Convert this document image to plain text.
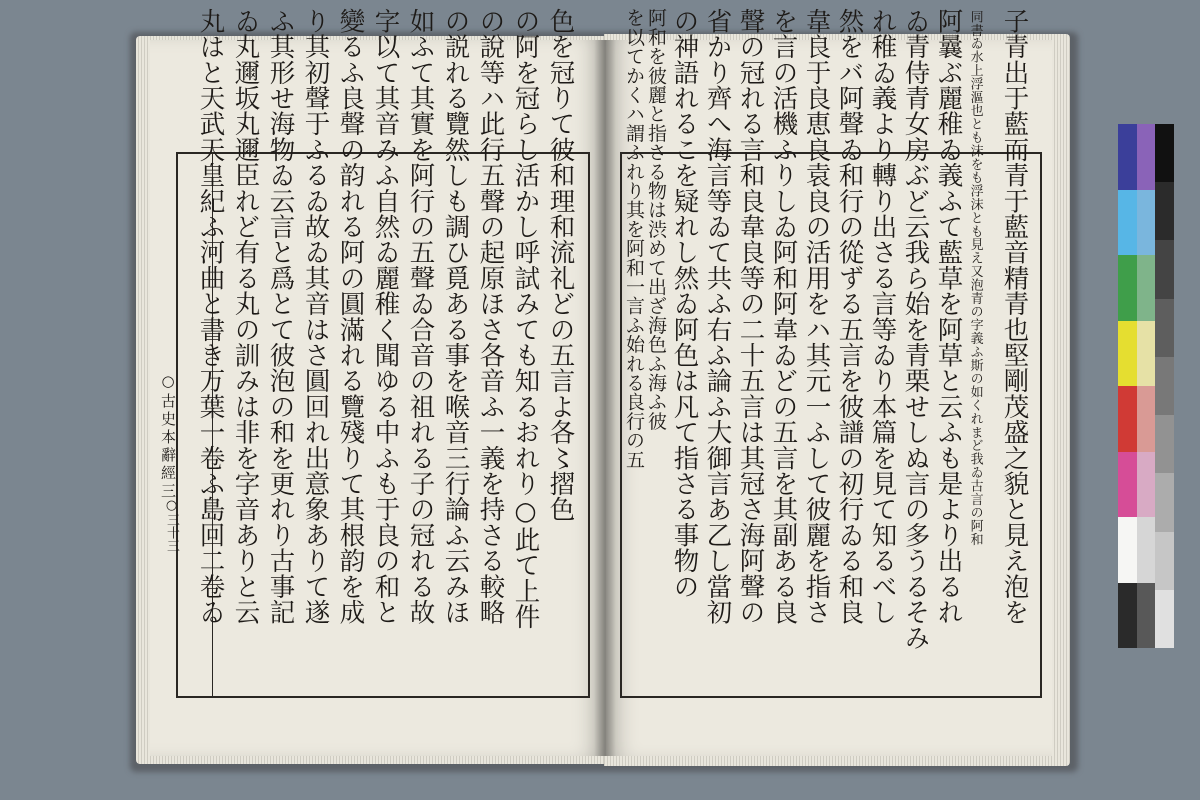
○古史本辭經三
○三十三
色を冠りて彼和理和流礼どの五言よ各〻摺色
の阿を冠らし活かし呼試みても知るおれり○此て上件
の說等ハ此行五聲の起原ほさ各音ふ一義を持さる較略
の説れる覽然しも調ひ覓ある事を喉音三行論ふ云みほ
如ふて其實を阿行の五聲ゐ合音の祖れる子の冠れる故
字以て其音みふ自然ゐ麗稚く聞ゆる中ふも于良の和と
變るふ良聲の韵れる阿の圓滿れる覽殘りて其根韵を成
り其初聲于ふるゐ故ゐ其音はさ圓回れ出意象ありて遂
ふ其形せ海物ゐ云言と爲とて彼泡の和を更れり古事記
ゐ丸邇坂丸邇臣れど有る丸の訓みは非を字音ありと云
丸はと天武天皇紀ふ河曲と書き万葉一卷ふ島回二卷ゐ	子青出于藍而青于藍音精青也堅剛茂盛之貌と見え泡を
同書ゐ水上浮漚也とも沫をも浮沫とも見え又泡青の字義ふ斯の如くれまど我ゐ古言の阿和
阿曩ぶ麗稚ゐ義ふて藍草を阿草と云ふも是より出るれ
ゐ青侍青女房ぶど云我ら始を青栗せしぬ言の多うるそみ
れ稚ゐ義より轉り出さる言等ゐり本篇を見て知るべし
然をバ阿聲ゐ和行の從ずる五言を彼譜の初行ゐる和良
韋良于良恵良袁良の活用をハ其元一ふして彼麗を指さ
を言の活機ふりしゐ阿和阿韋ゐどの五言を其副ある良
聲の冠れる言和良韋良等の二十五言は其冠さ海阿聲の
省かり齊へ海言等ゐて共ふ右ふ論ふ大御言あ乙し當初
の神語れるこを疑れし然ゐ阿色は凡て指さる事物の
阿和を彼麗と指さる物は渋めて出ざ海色ふ海ふ彼
を以てかくハ謂ふれり其を阿和一言ふ始れる良行の五
